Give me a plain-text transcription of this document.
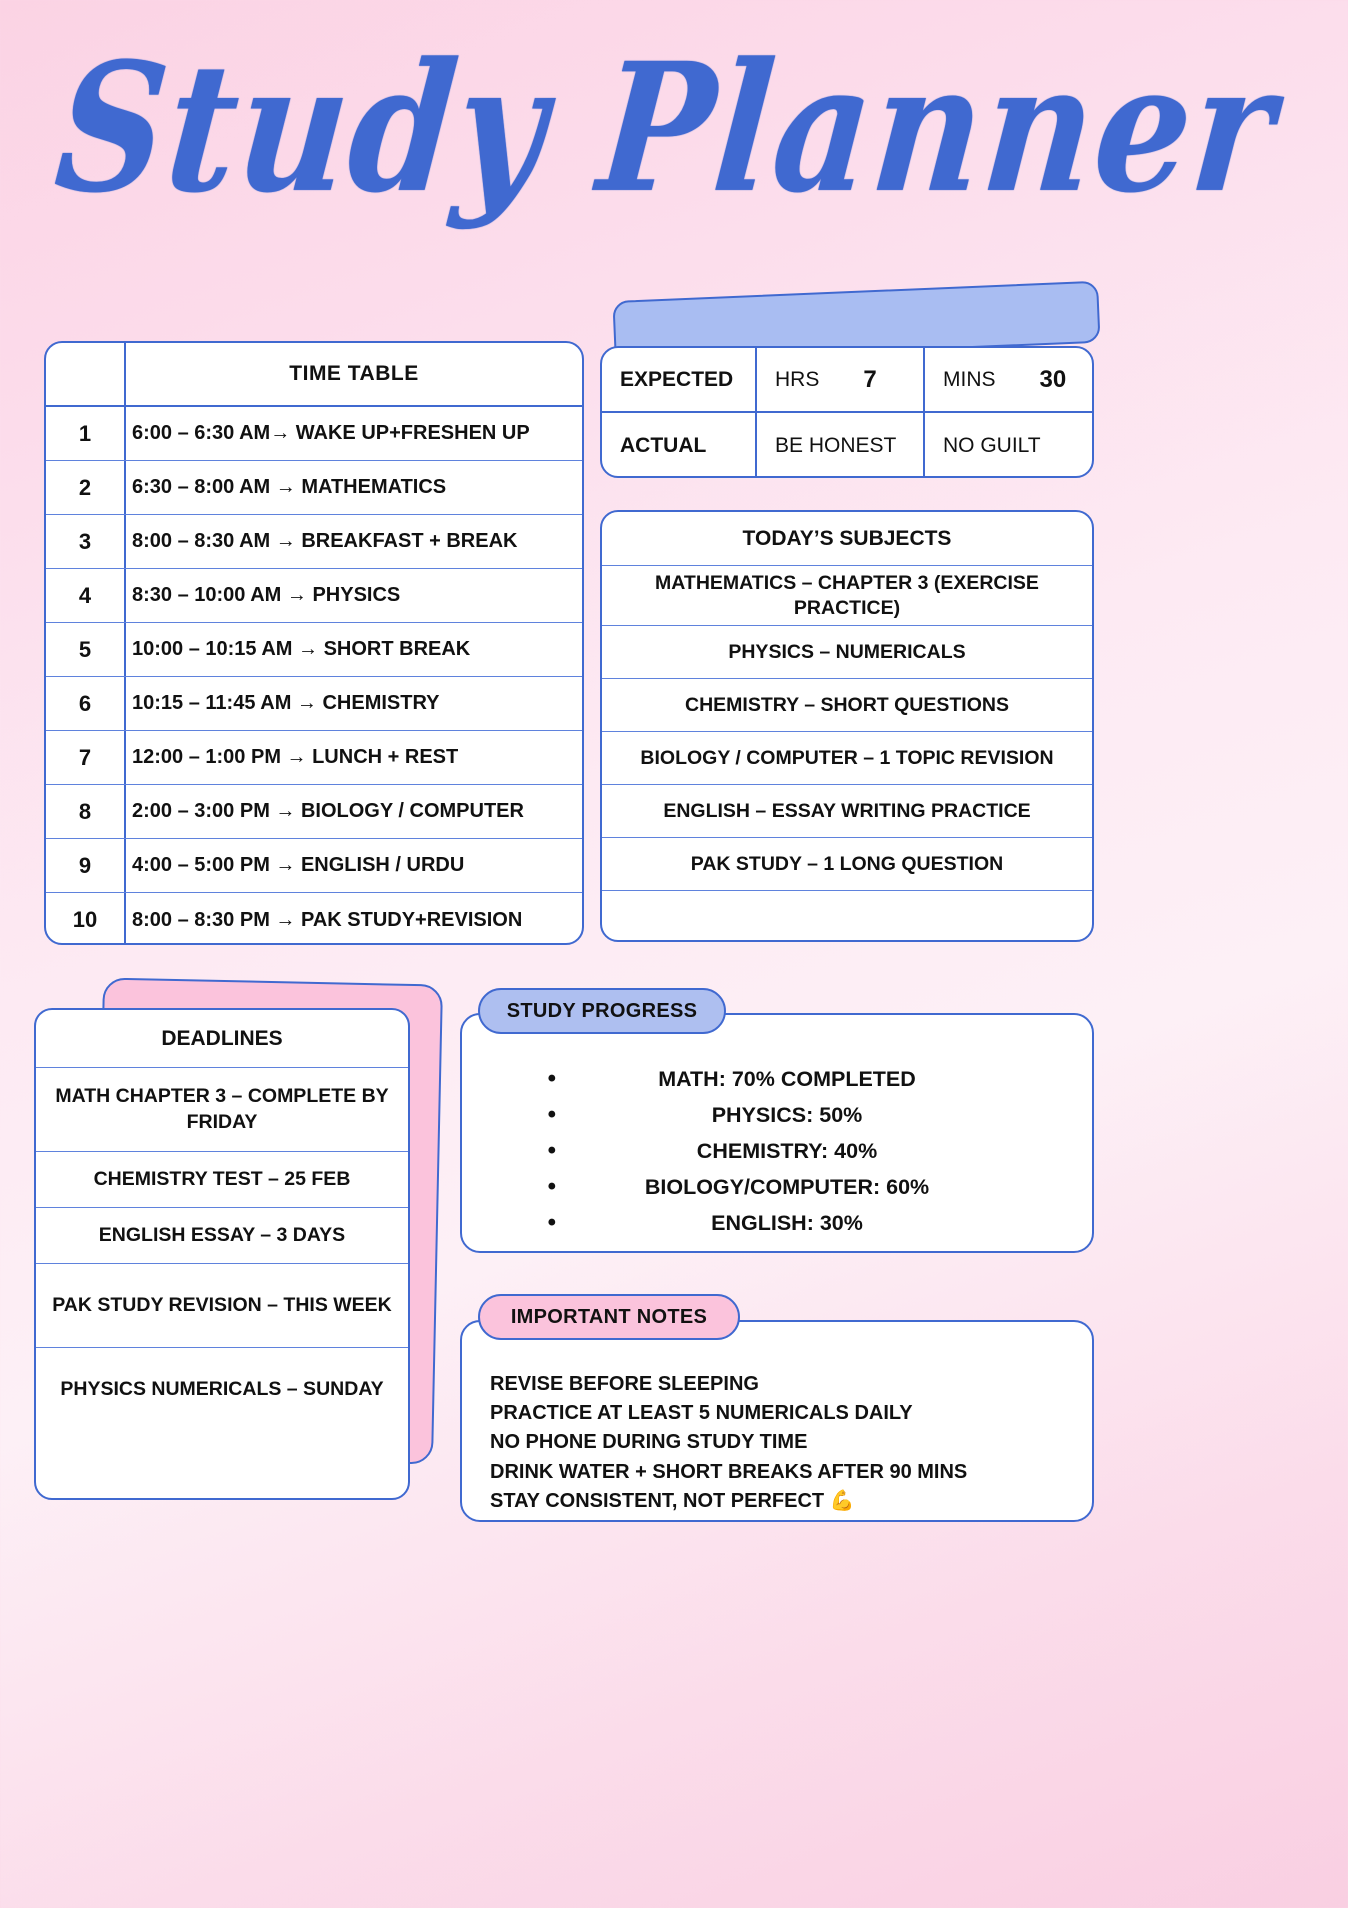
Study Planner
TIME TABLE
1	6:00 – 6:30 AM→ WAKE UP+FRESHEN UP
2	6:30 – 8:00 AM → MATHEMATICS
3	8:00 – 8:30 AM → BREAKFAST + BREAK
4	8:30 – 10:00 AM → PHYSICS
5	10:00 – 10:15 AM → SHORT BREAK
6	10:15 – 11:45 AM → CHEMISTRY
7	12:00 – 1:00 PM → LUNCH + REST
8	2:00 – 3:00 PM → BIOLOGY / COMPUTER
9	4:00 – 5:00 PM → ENGLISH / URDU
10	8:00 – 8:30 PM → PAK STUDY+REVISION
EXPECTED	HRS 7	MINS 30
ACTUAL	BE HONEST	NO GUILT
TODAY’S SUBJECTS
MATHEMATICS – CHAPTER 3 (EXERCISE PRACTICE)
PHYSICS – NUMERICALS
CHEMISTRY – SHORT QUESTIONS
BIOLOGY / COMPUTER – 1 TOPIC REVISION
ENGLISH – ESSAY WRITING PRACTICE
PAK STUDY – 1 LONG QUESTION
DEADLINES
MATH CHAPTER 3 – COMPLETE BY FRIDAY
CHEMISTRY TEST – 25 FEB
ENGLISH ESSAY – 3 DAYS
PAK STUDY REVISION – THIS WEEK
PHYSICS NUMERICALS – SUNDAY
•	MATH: 70% COMPLETED
•	PHYSICS: 50%
•	CHEMISTRY: 40%
•	BIOLOGY/COMPUTER: 60%
•	ENGLISH: 30%
STUDY PROGRESS
REVISE BEFORE SLEEPING
PRACTICE AT LEAST 5 NUMERICALS DAILY
NO PHONE DURING STUDY TIME
DRINK WATER + SHORT BREAKS AFTER 90 MINS
STAY CONSISTENT, NOT PERFECT 💪
IMPORTANT NOTES
